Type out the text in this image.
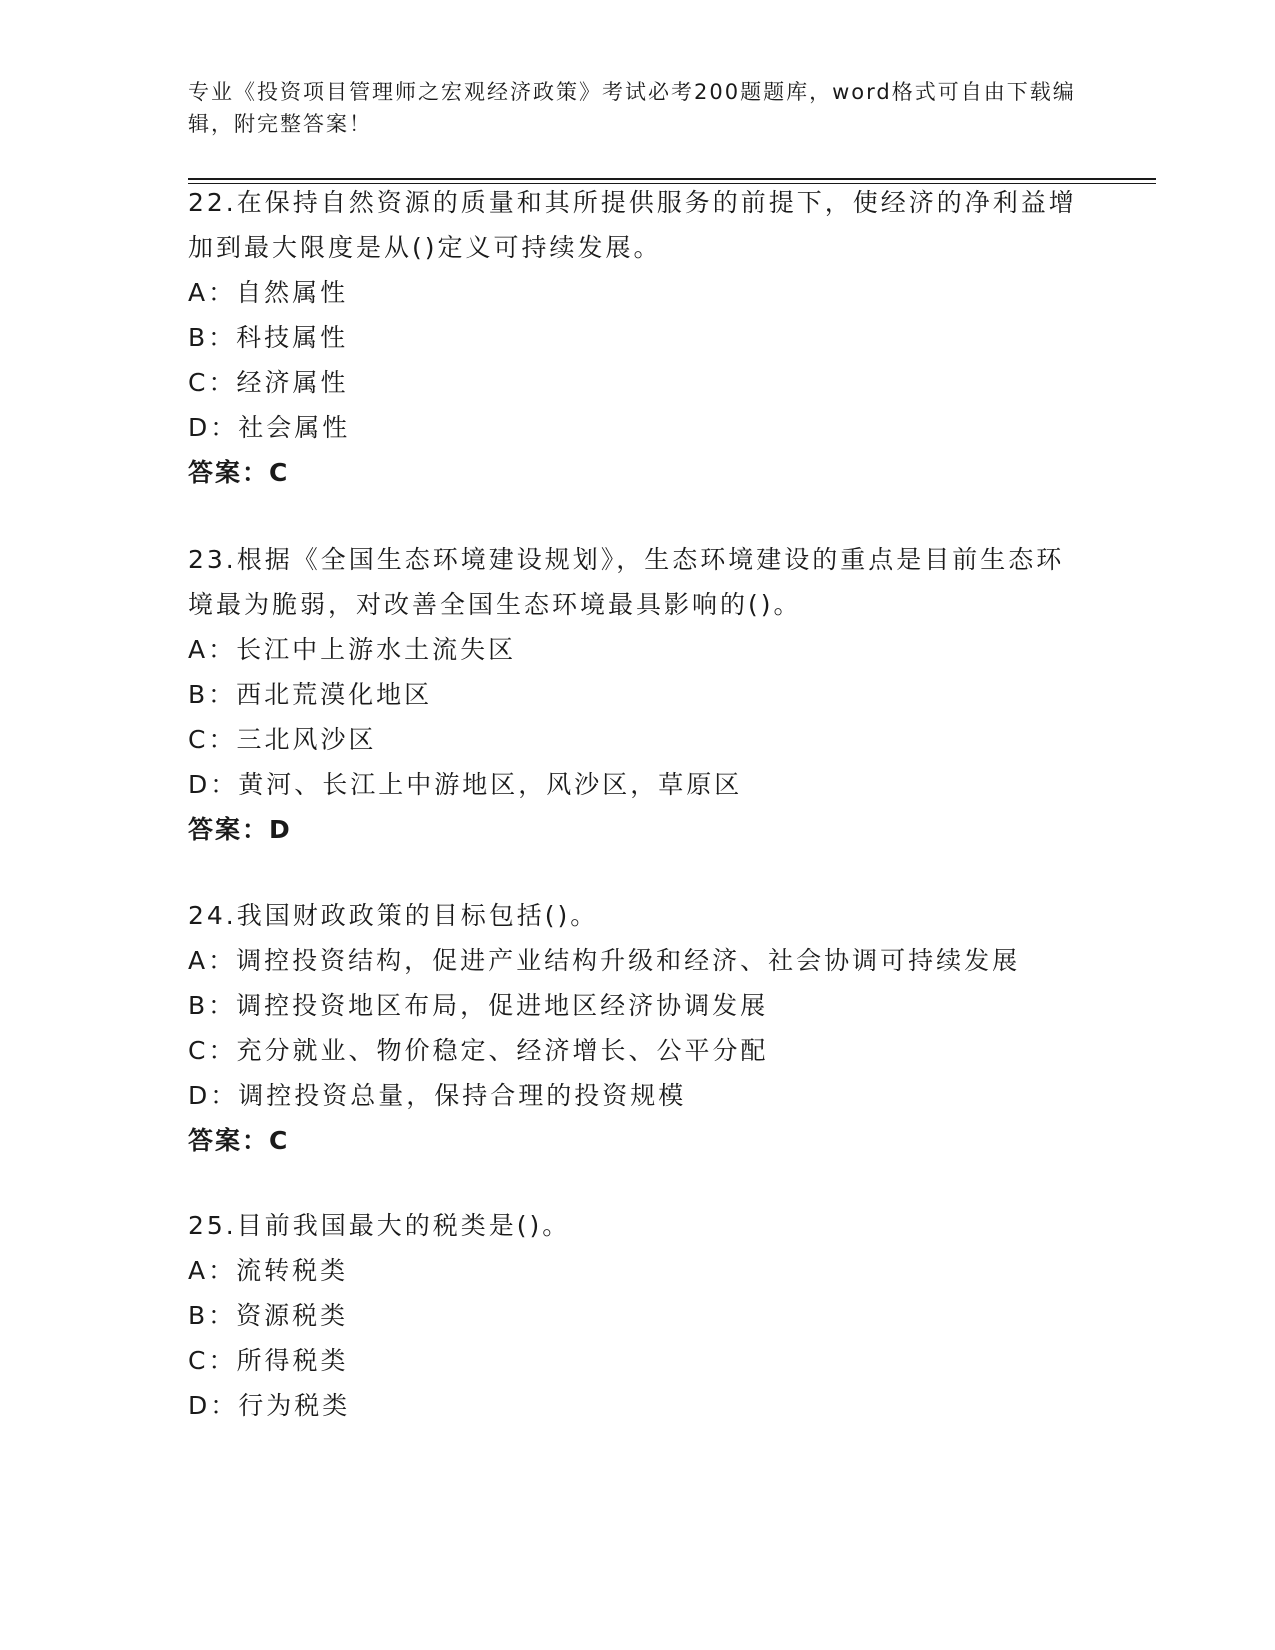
专业《投资项目管理师之宏观经济政策》考试必考200题题库，word格式可自由下载编辑，附完整答案！
22.在保持自然资源的质量和其所提供服务的前提下，使经济的净利益增加到最大限度是从()定义可持续发展。
A：自然属性
B：科技属性
C：经济属性
D：社会属性
答案：C
23.根据《全国生态环境建设规划》，生态环境建设的重点是目前生态环境最为脆弱，对改善全国生态环境最具影响的()。
A：长江中上游水土流失区
B：西北荒漠化地区
C：三北风沙区
D：黄河、长江上中游地区，风沙区，草原区
答案：D
24.我国财政政策的目标包括()。
A：调控投资结构，促进产业结构升级和经济、社会协调可持续发展
B：调控投资地区布局，促进地区经济协调发展
C：充分就业、物价稳定、经济增长、公平分配
D：调控投资总量，保持合理的投资规模
答案：C
25.目前我国最大的税类是()。
A：流转税类
B：资源税类
C：所得税类
D：行为税类
